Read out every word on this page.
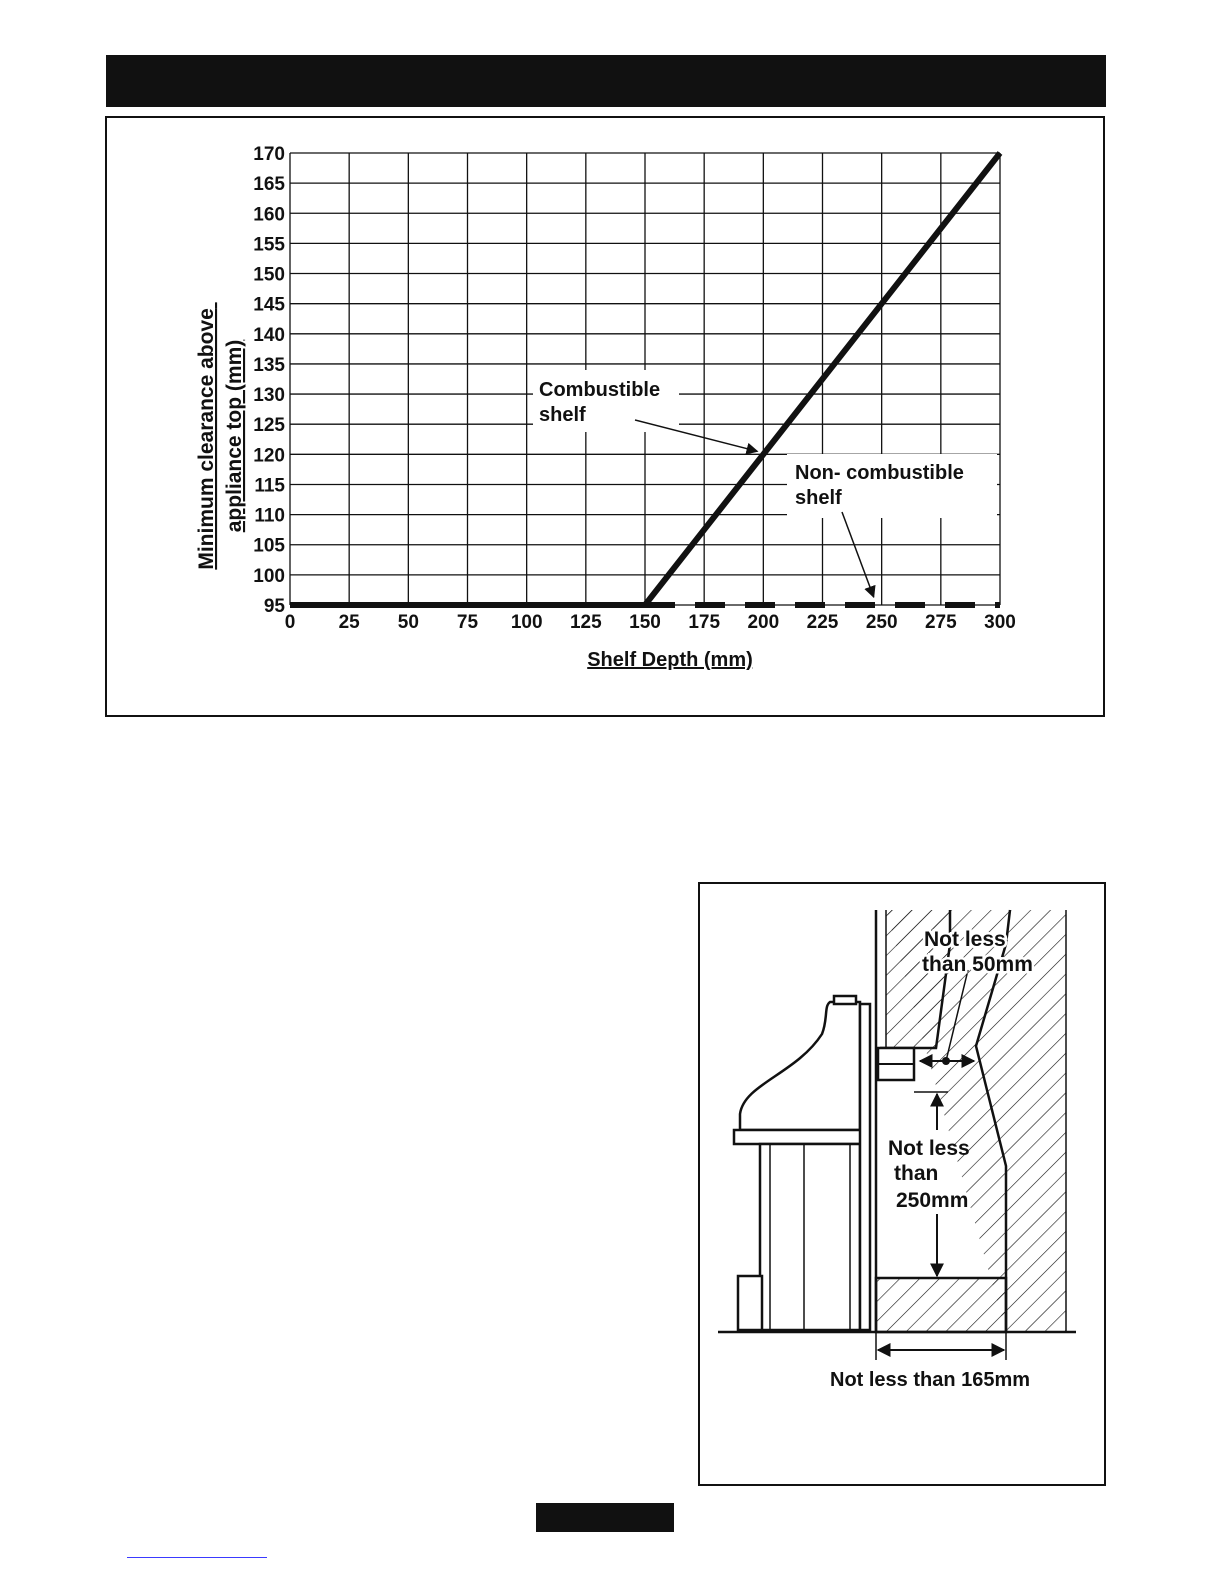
95
100
105
110
115
120
125
130
135
140
145
150
155
160
165
170
0 25 50 75 100 125 150 175 200 225 250 275 300
Combustible
shelf
Non- combustible
shelf
Minimum clearance above appliance top (mm)
Shelf Depth (mm)
Not less
than 50mm
Not less
than
250mm
Not less than 165mm
